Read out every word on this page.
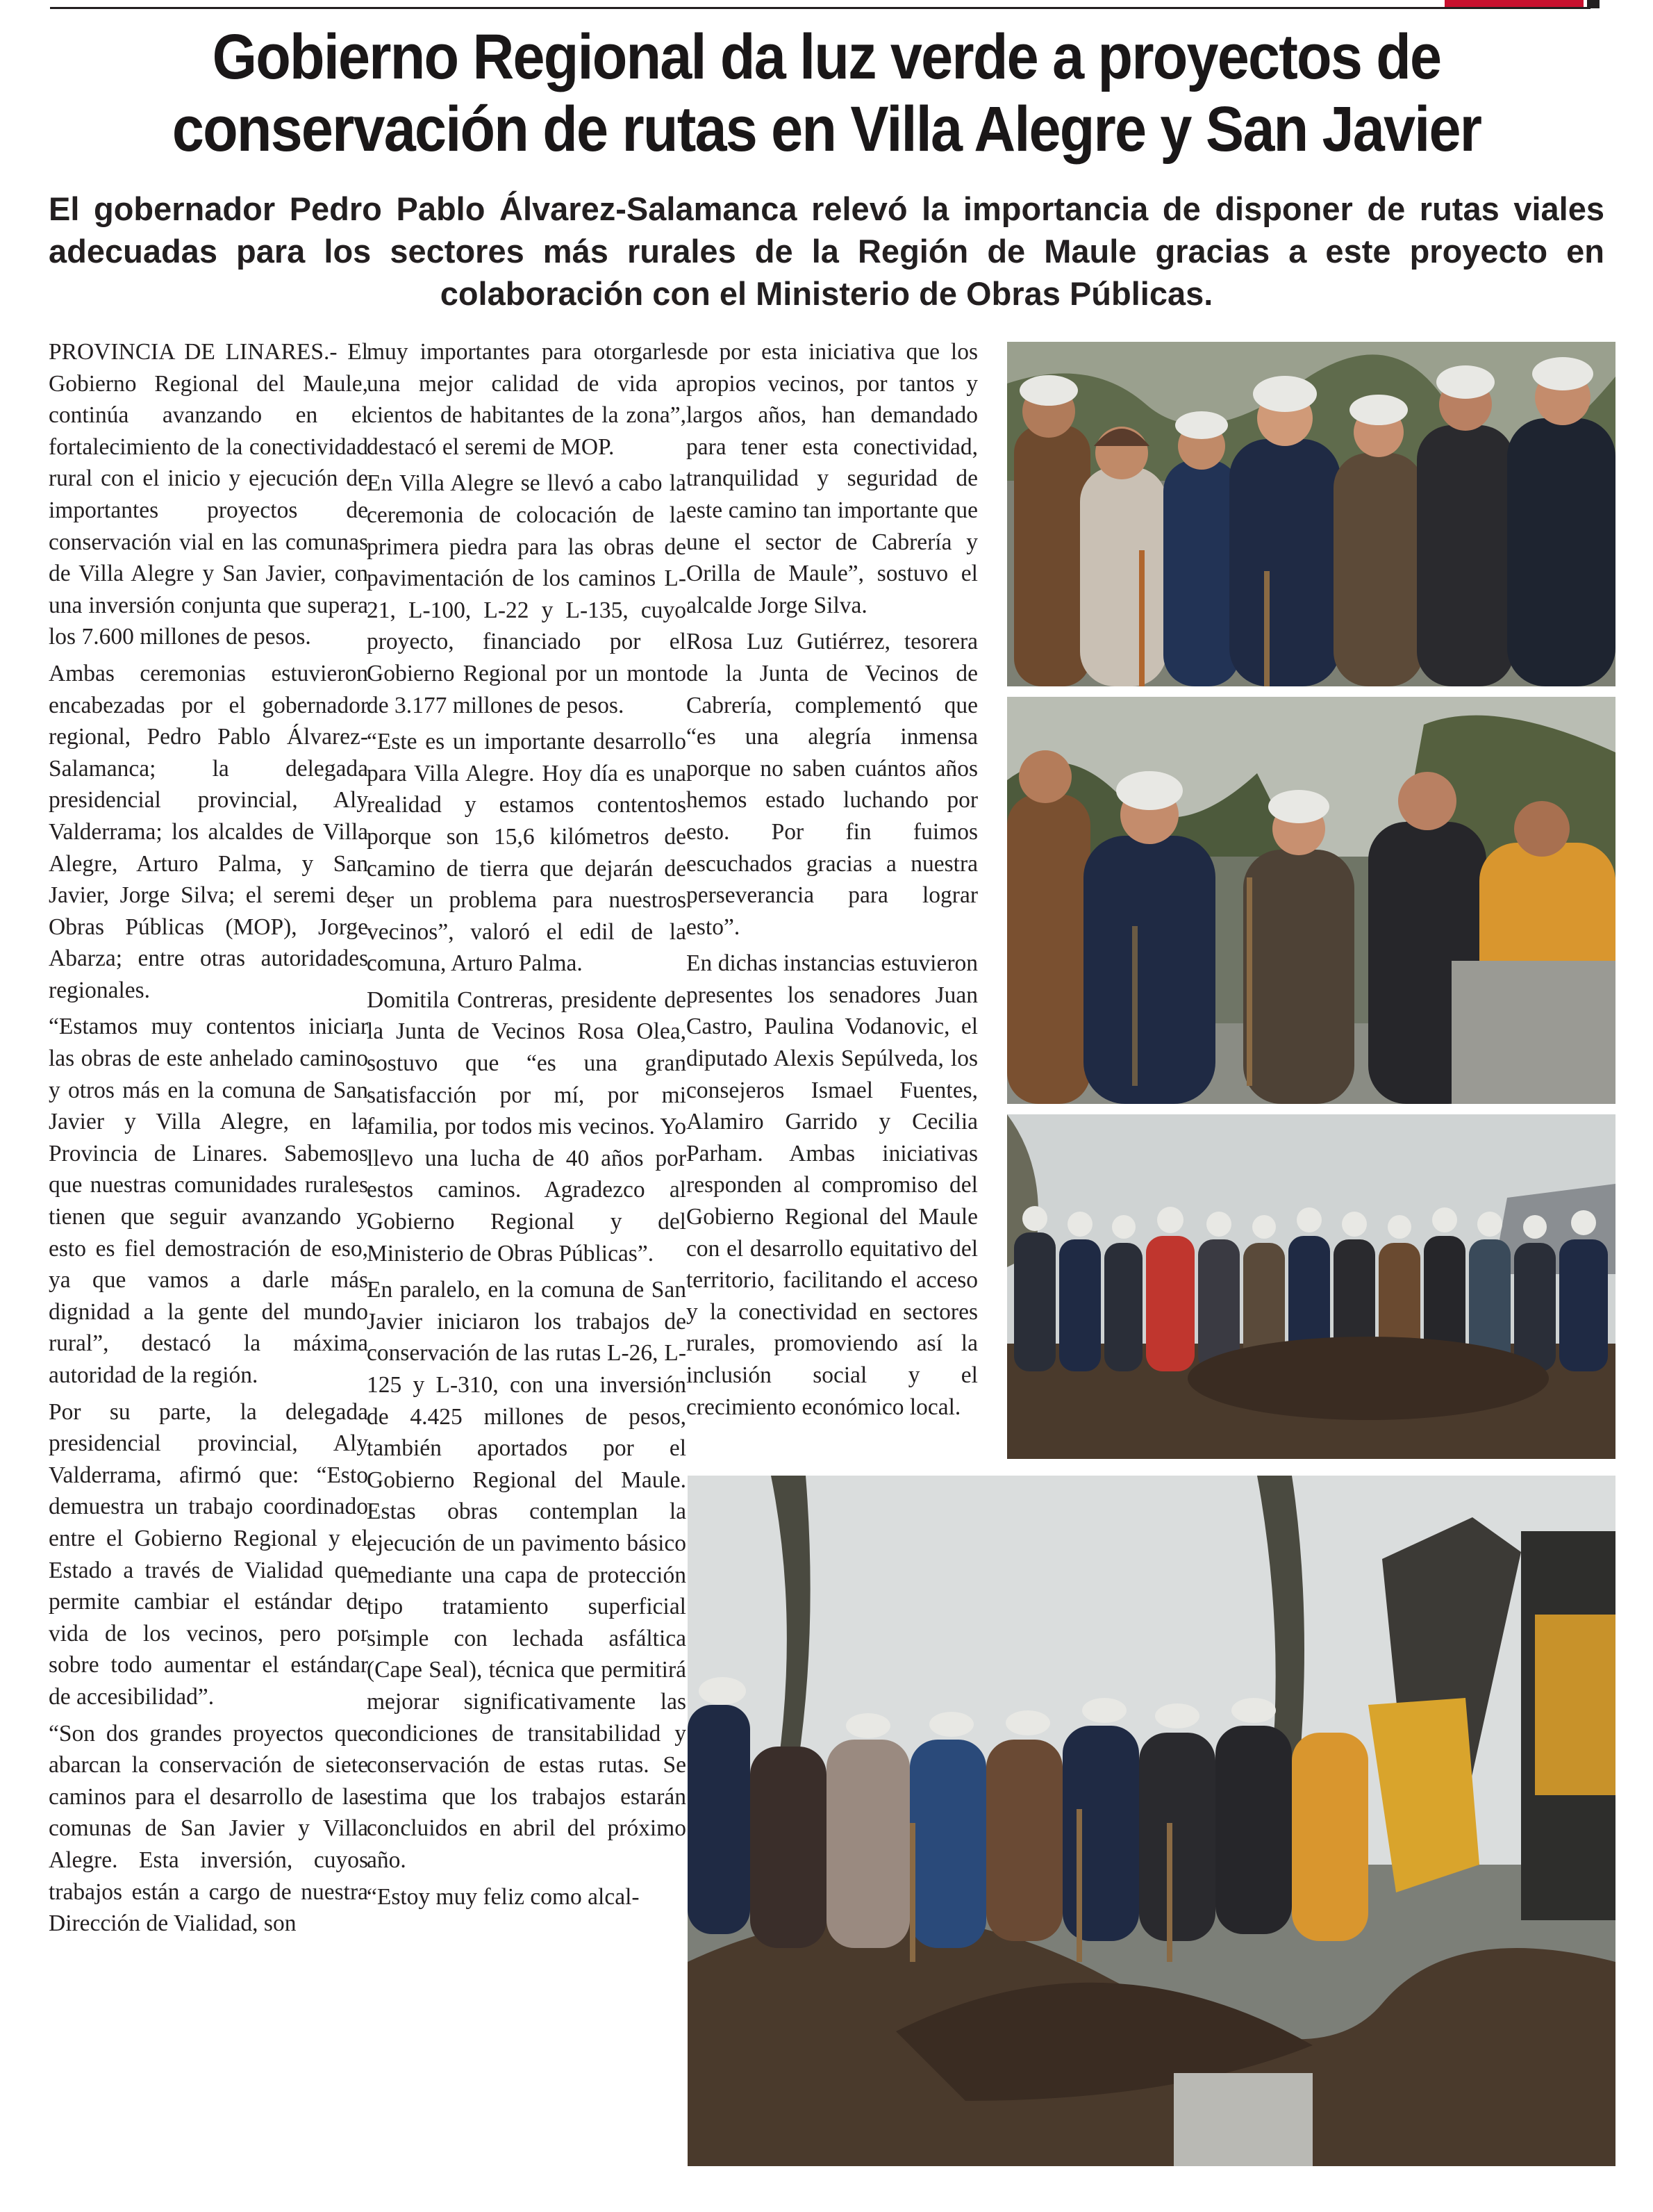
Gobierno Regional da luz verde a proyectos de
conservación de rutas en Villa Alegre y San Javier

El gobernador Pedro Pablo Álvarez-Salamanca relevó la importancia de disponer de rutas viales adecuadas para los sectores más rurales de la Región de Maule gracias a este proyecto en colaboración con el Ministerio de Obras Públicas.

PROVINCIA DE LINARES.- El Gobierno Regional del Maule, continúa avanzando en el fortalecimiento de la conectividad rural con el inicio y ejecución de importantes proyectos de conservación vial en las comunas de Villa Alegre y San Javier, con una inversión conjunta que supera los 7.600 millones de pesos.

Ambas ceremonias estuvieron encabezadas por el gobernador regional, Pedro Pablo Álvarez-Salamanca; la delegada presidencial provincial, Aly Valderrama; los alcaldes de Villa Alegre, Arturo Palma, y San Javier, Jorge Silva; el seremi de Obras Públicas (MOP), Jorge Abarza; entre otras autoridades regionales.

“Estamos muy contentos iniciar las obras de este anhelado camino y otros más en la comuna de San Javier y Villa Alegre, en la Provincia de Linares. Sabemos que nuestras comunidades rurales tienen que seguir avanzando y esto es fiel demostración de eso, ya que vamos a darle más dignidad a la gente del mundo rural”, destacó la máxima autoridad de la región.

Por su parte, la delegada presidencial provincial, Aly Valderrama, afirmó que: “Esto demuestra un trabajo coordinado entre el Gobierno Regional y el Estado a través de Vialidad que permite cambiar el estándar de vida de los vecinos, pero por sobre todo aumentar el estándar de accesibilidad”.

“Son dos grandes proyectos que abarcan la conservación de siete caminos para el desarrollo de las comunas de San Javier y Villa Alegre. Esta inversión, cuyos trabajos están a cargo de nuestra Dirección de Vialidad, son

muy importantes para otorgarles una mejor calidad de vida a cientos de habitantes de la zona”, destacó el seremi de MOP.

En Villa Alegre se llevó a cabo la ceremonia de colocación de la primera piedra para las obras de pavimentación de los caminos L-21, L-100, L-22 y L-135, cuyo proyecto, financiado por el Gobierno Regional por un monto de 3.177 millones de pesos.

“Este es un importante desarrollo para Villa Alegre. Hoy día es una realidad y estamos contentos porque son 15,6 kilómetros de camino de tierra que dejarán de ser un problema para nuestros vecinos”, valoró el edil de la comuna, Arturo Palma.

Domitila Contreras, presidente de la Junta de Vecinos Rosa Olea, sostuvo que “es una gran satisfacción por mí, por mi familia, por todos mis vecinos. Yo llevo una lucha de 40 años por estos caminos. Agradezco al Gobierno Regional y del Ministerio de Obras Públicas”.

En paralelo, en la comuna de San Javier iniciaron los trabajos de conservación de las rutas L-26, L-125 y L-310, con una inversión de 4.425 millones de pesos, también aportados por el Gobierno Regional del Maule. Estas obras contemplan la ejecución de un pavimento básico mediante una capa de protección tipo tratamiento superficial simple con lechada asfáltica (Cape Seal), técnica que permitirá mejorar significativamente las condiciones de transitabilidad y conservación de estas rutas. Se estima que los trabajos estarán concluidos en abril del próximo año.

“Estoy muy feliz como alcal-

de por esta iniciativa que los propios vecinos, por tantos y largos años, han demandado para tener esta conectividad, tranquilidad y seguridad de este camino tan importante que une el sector de Cabrería y Orilla de Maule”, sostuvo el alcalde Jorge Silva.

Rosa Luz Gutiérrez, tesorera de la Junta de Vecinos de Cabrería, complementó que “es una alegría inmensa porque no saben cuántos años hemos estado luchando por esto. Por fin fuimos escuchados gracias a nuestra perseverancia para lograr esto”.

En dichas instancias estuvieron presentes los senadores Juan Castro, Paulina Vodanovic, el diputado Alexis Sepúlveda, los consejeros Ismael Fuentes, Alamiro Garrido y Cecilia Parham. Ambas iniciativas responden al compromiso del Gobierno Regional del Maule con el desarrollo equitativo del territorio, facilitando el acceso y la conectividad en sectores rurales, promoviendo así la inclusión social y el crecimiento económico local.
